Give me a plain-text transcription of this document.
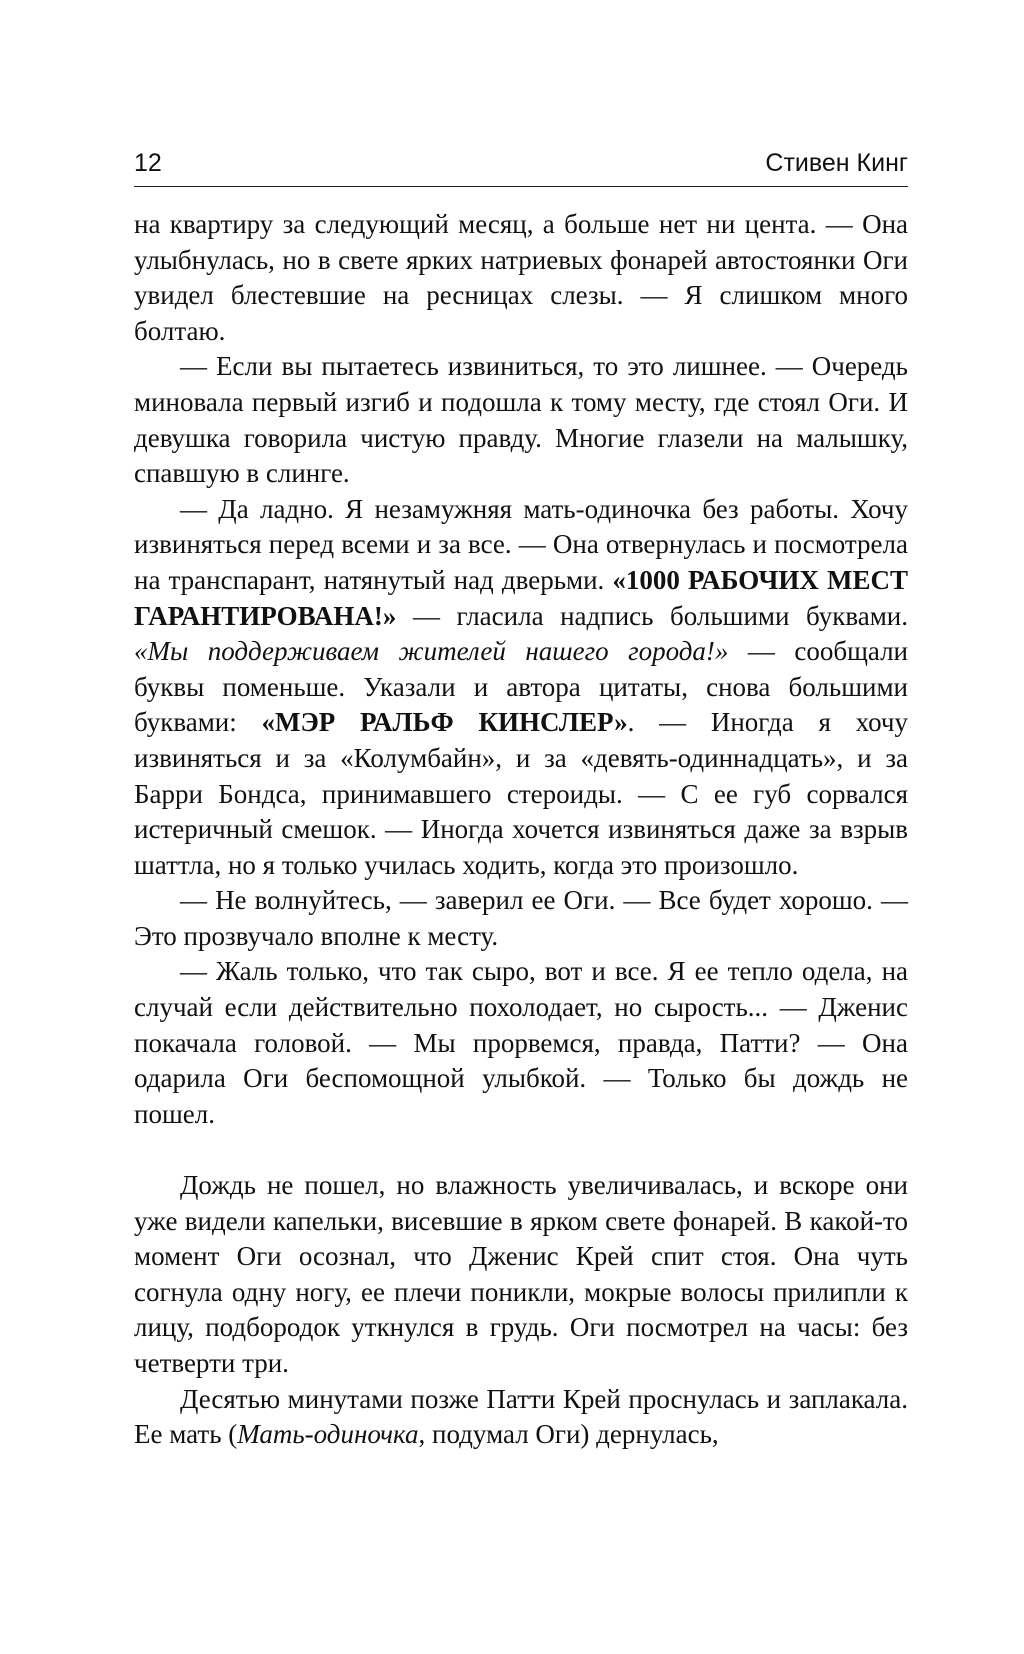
12	Стивен Кинг

на квартиру за следующий месяц, а больше нет ни цента. — Она улыбнулась, но в свете ярких натриевых фонарей автостоянки Оги увидел блестевшие на ресницах слезы. — Я слишком много болтаю.

— Если вы пытаетесь извиниться, то это лишнее. — Очередь миновала первый изгиб и подошла к тому месту, где стоял Оги. И девушка говорила чистую правду. Многие глазели на малышку, спавшую в слинге.

— Да ладно. Я незамужняя мать-одиночка без работы. Хочу извиняться перед всеми и за все. — Она отвернулась и посмотрела на транспарант, натянутый над дверьми. «1000 РАБОЧИХ МЕСТ ГАРАНТИРОВАНА!» — гласила надпись большими буквами. «Мы поддерживаем жителей нашего города!» — сообщали буквы поменьше. Указали и автора цитаты, снова большими буквами: «МЭР РАЛЬФ КИНСЛЕР». — Иногда я хочу извиняться и за «Колумбайн», и за «девять-одиннадцать», и за Барри Бондса, принимавшего стероиды. — С ее губ сорвался истеричный смешок. — Иногда хочется извиняться даже за взрыв шаттла, но я только училась ходить, когда это произошло.

— Не волнуйтесь, — заверил ее Оги. — Все будет хорошо. — Это прозвучало вполне к месту.

— Жаль только, что так сыро, вот и все. Я ее тепло одела, на случай если действительно похолодает, но сырость... — Дженис покачала головой. — Мы прорвемся, правда, Патти? — Она одарила Оги беспомощной улыбкой. — Только бы дождь не пошел.

Дождь не пошел, но влажность увеличивалась, и вскоре они уже видели капельки, висевшие в ярком свете фонарей. В какой-то момент Оги осознал, что Дженис Крей спит стоя. Она чуть согнула одну ногу, ее плечи поникли, мокрые волосы прилипли к лицу, подбородок уткнулся в грудь. Оги посмотрел на часы: без четверти три.

Десятью минутами позже Патти Крей проснулась и заплакала. Ее мать (Мать-одиночка, подумал Оги) дернулась,
